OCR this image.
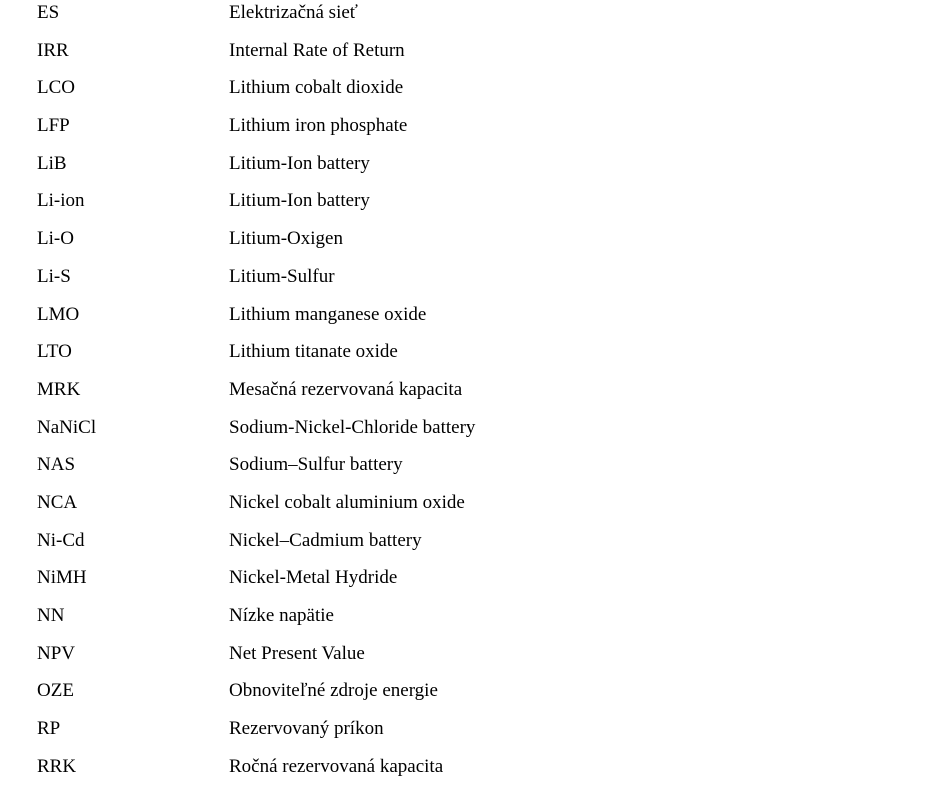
ES	Elektrizačná sieť
IRR	Internal Rate of Return
LCO	Lithium cobalt dioxide
LFP	Lithium iron phosphate
LiB	Litium-Ion battery
Li-ion	Litium-Ion battery
Li-O	Litium-Oxigen
Li-S	Litium-Sulfur
LMO	Lithium manganese oxide
LTO	Lithium titanate oxide
MRK	Mesačná rezervovaná kapacita
NaNiCl	Sodium-Nickel-Chloride battery
NAS	Sodium–Sulfur battery
NCA	Nickel cobalt aluminium oxide
Ni-Cd	Nickel–Cadmium battery
NiMH	Nickel-Metal Hydride
NN	Nízke napätie
NPV	Net Present Value
OZE	Obnoviteľné zdroje energie
RP	Rezervovaný príkon
RRK	Ročná rezervovaná kapacita
